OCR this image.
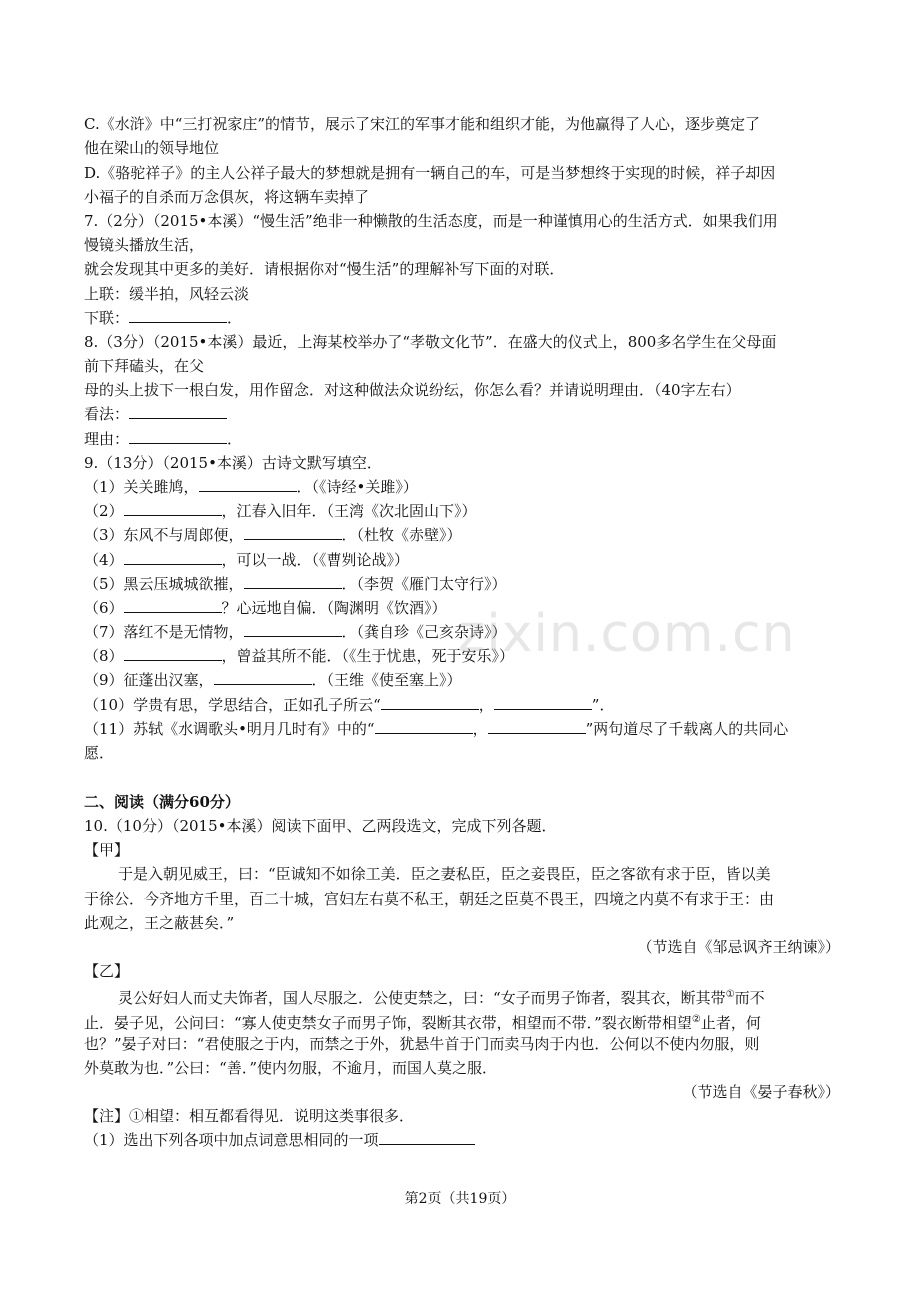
C.《水浒》中“三打祝家庄”的情节，展示了宋江的军事才能和组织才能，为他赢得了人心，逐步奠定了
他在梁山的领导地位
D.《骆驼祥子》的主人公祥子最大的梦想就是拥有一辆自己的车，可是当梦想终于实现的时候，祥子却因
小福子的自杀而万念俱灰，将这辆车卖掉了
7.（2分）（2015•本溪）“慢生活”绝非一种懒散的生活态度，而是一种谨慎用心的生活方式．如果我们用
慢镜头播放生活，
就会发现其中更多的美好．请根据你对“慢生活”的理解补写下面的对联．
上联：缓半拍，风轻云淡
下联：	．
8.（3分）（2015•本溪）最近，上海某校举办了“孝敬文化节”．在盛大的仪式上，800多名学生在父母面
前下拜磕头，在父
母的头上拔下一根白发，用作留念．对这种做法众说纷纭，你怎么看？并请说明理由．（40字左右）
看法：
理由：	．
9.（13分）（2015•本溪）古诗文默写填空．
（1）关关雎鸠，	．（《诗经•关雎》）
（2）	，江春入旧年．（王湾《次北固山下》）
（3）东风不与周郎便，	．（杜牧《赤壁》）
（4）	，可以一战．（《曹刿论战》）
（5）黑云压城城欲摧，	．（李贺《雁门太守行》）
（6）	？心远地自偏．（陶渊明《饮酒》）
（7）落红不是无情物，	．（龚自珍《己亥杂诗》）
（8）	，曾益其所不能．（《生于忧患，死于安乐》）
（9）征蓬出汉塞，	．（王维《使至塞上》）
（10）学贵有思，学思结合，正如孔子所云“	，	”．
（11）苏轼《水调歌头•明月几时有》中的“	，	”两句道尽了千载离人的共同心
愿．
二、阅读（满分60分）
10.（10分）（2015•本溪）阅读下面甲、乙两段选文，完成下列各题．
【甲】
于是入朝见威王，曰：“臣诚知不如徐工美．臣之妻私臣，臣之妾畏臣，臣之客欲有求于臣，皆以美
于徐公．今齐地方千里，百二十城，宫妇左右莫不私王，朝廷之臣莫不畏王，四境之内莫不有求于王：由
此观之，王之蔽甚矣．”
（节选自《邹忌讽齐王纳谏》）
【乙】
灵公好妇人而丈夫饰者，国人尽服之．公使吏禁之，曰：“女子而男子饰者，裂其衣，断其带①而不
止．晏子见，公问曰：“寡人使吏禁女子而男子饰，裂断其衣带，相望而不带．”裂衣断带相望②止者，何
也？”晏子对曰：“君使服之于内，而禁之于外，犹悬牛首于门而卖马肉于内也．公何以不使内勿服，则
外莫敢为也．”公曰：“善．”使内勿服，不逾月，而国人莫之服．
（节选自《晏子春秋》）
【注】①相望：相互都看得见．说明这类事很多．
（1）选出下列各项中加点词意思相同的一项
zixin.com.cn
第2页（共19页）
